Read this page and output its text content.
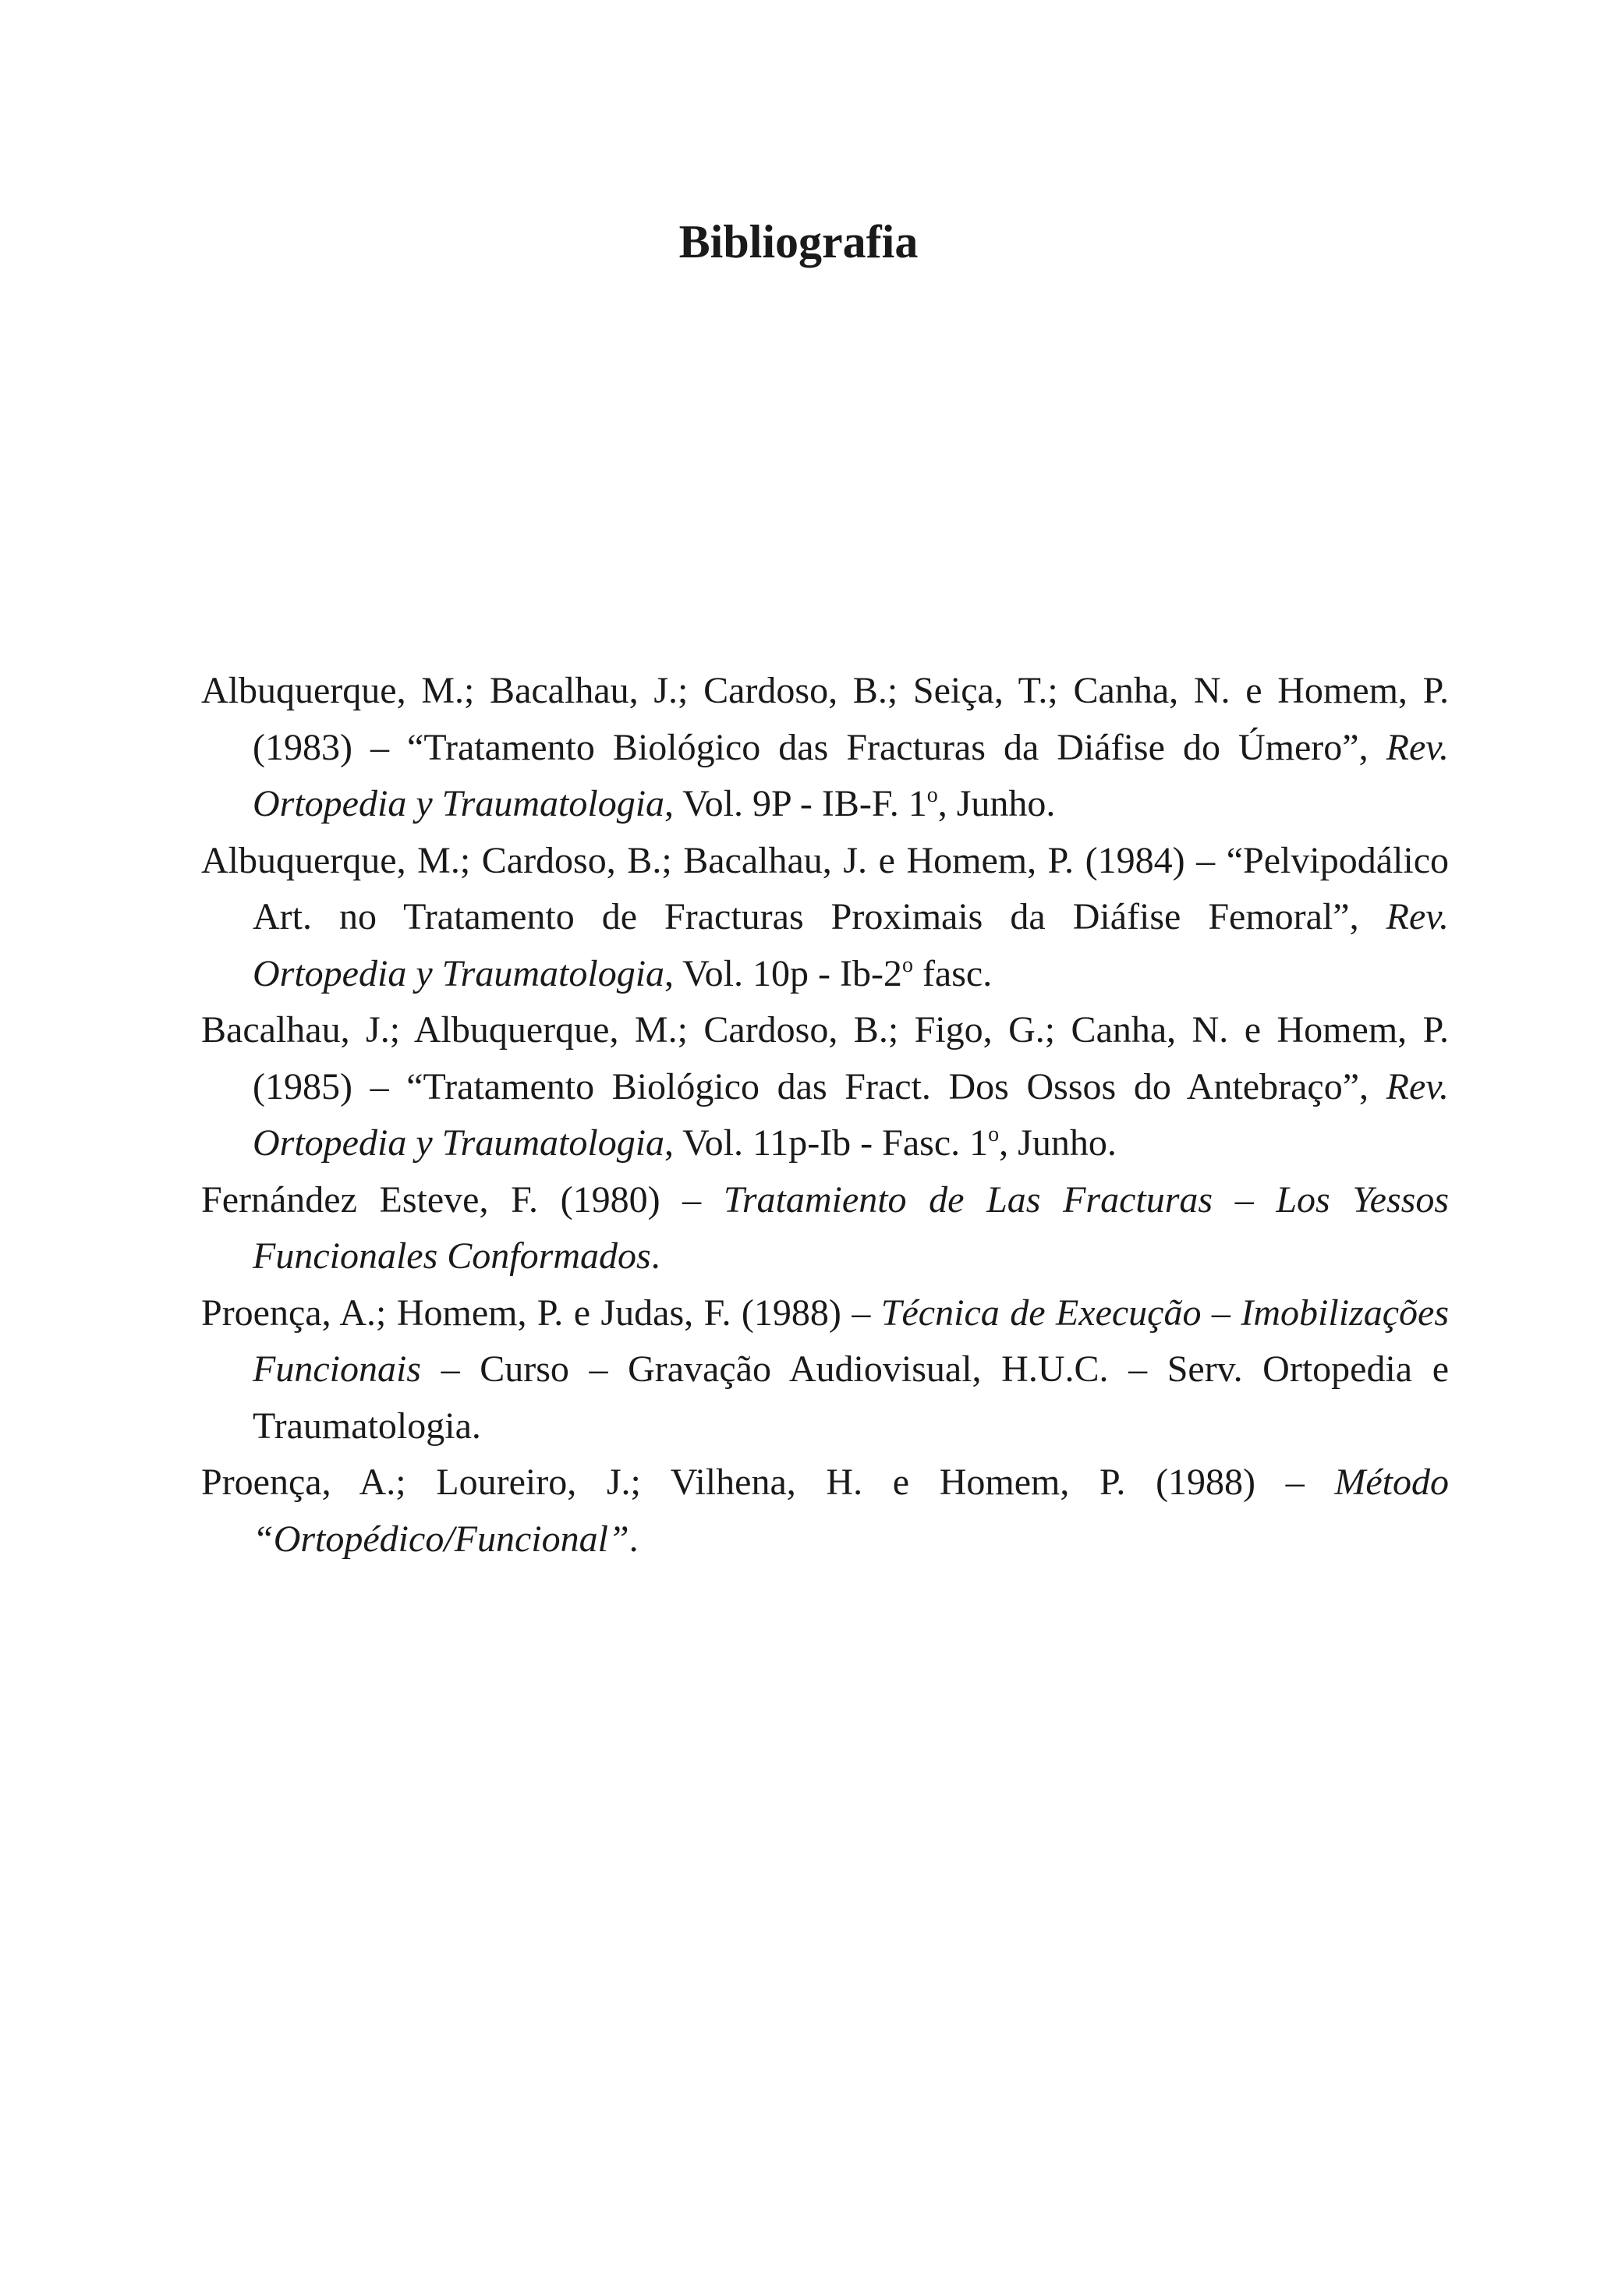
Bibliografia
Albuquerque, M.; Bacalhau, J.; Cardoso, B.; Seiça, T.; Canha, N. e Homem, P. (1983) – “Tratamento Biológico das Fracturas da Diáfise do Úmero”, Rev. Ortopedia y Traumatologia, Vol. 9P - IB-F. 1$^o$, Junho.
Albuquerque, M.; Cardoso, B.; Bacalhau, J. e Homem, P. (1984) – “Pelvipodálico Art. no Tratamento de Fracturas Proximais da Diáfise Femoral”, Rev. Ortopedia y Traumatologia, Vol. 10p - Ib-2$^o$ fasc.
Bacalhau, J.; Albuquerque, M.; Cardoso, B.; Figo, G.; Canha, N. e Homem, P. (1985) – “Tratamento Biológico das Fract. Dos Ossos do Antebraço”, Rev. Ortopedia y Traumatologia, Vol. 11p-Ib - Fasc. 1$^o$, Junho.
Fernández Esteve, F. (1980) – Tratamiento de Las Fracturas – Los Yessos Funcionales Conformados.
Proença, A.; Homem, P. e Judas, F. (1988) – Técnica de Execução – Imobilizações Funcionais – Curso – Gravação Audiovisual, H.U.C. – Serv. Ortopedia e Traumatologia.
Proença, A.; Loureiro, J.; Vilhena, H. e Homem, P. (1988) – Método “Ortopédico/Funcional”.
